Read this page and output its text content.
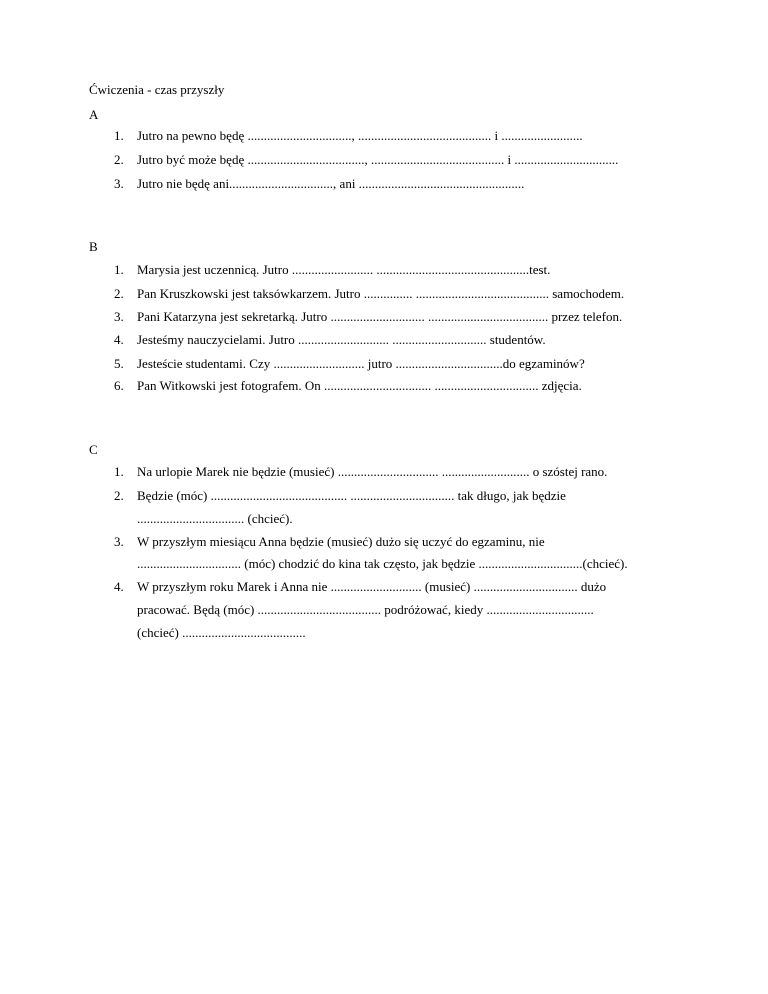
Ćwiczenia - czas przyszły
A
1. Jutro na pewno będę ................................, ......................................... i .........................
2. Jutro być może będę ...................................., ......................................... i ................................
3. Jutro nie będę ani................................, ani ...................................................
B
1. Marysia jest uczennicą. Jutro ......................... ...............................................test.
2. Pan Kruszkowski jest taksówkarzem. Jutro ............... ......................................... samochodem.
3. Pani Katarzyna jest sekretarką. Jutro ............................. ..................................... przez telefon.
4. Jesteśmy nauczycielami. Jutro ............................ ............................. studentów.
5. Jesteście studentami. Czy ............................ jutro .................................do egzaminów?
6. Pan Witkowski jest fotografem. On ................................. ................................ zdjęcia.
C
1. Na urlopie Marek nie będzie (musieć) ............................... ........................... o szóstej rano.
2. Będzie (móc) .......................................... ................................ tak długo, jak będzie
................................. (chcieć).
3. W przyszłym miesiącu Anna będzie (musieć) dużo się uczyć do egzaminu, nie
................................ (móc) chodzić do kina tak często, jak będzie ................................(chcieć).
4. W przyszłym roku Marek i Anna nie ............................ (musieć) ................................ dużo
pracować. Będą (móc) ...................................... podróżować, kiedy .................................
(chcieć) ......................................
